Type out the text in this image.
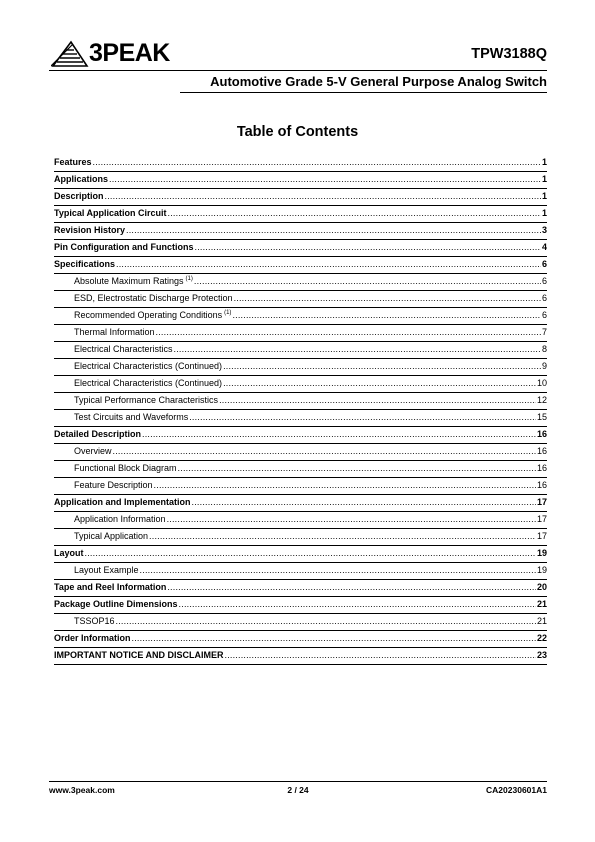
3PEAK	TPW3188Q
Automotive Grade 5-V General Purpose Analog Switch
Table of Contents
Features .....	1
Applications .....	1
Description .....	1
Typical Application Circuit .....	1
Revision History .....	3
Pin Configuration and Functions .....	4
Specifications .....	6
Absolute Maximum Ratings $^{(1)}$ .....	6
ESD, Electrostatic Discharge Protection .....	6
Recommended Operating Conditions $^{(1)}$ .....	6
Thermal Information .....	7
Electrical Characteristics .....	8
Electrical Characteristics (Continued) .....	9
Electrical Characteristics (Continued) .....	10
Typical Performance Characteristics .....	12
Test Circuits and Waveforms .....	15
Detailed Description .....	16
Overview .....	16
Functional Block Diagram .....	16
Feature Description .....	16
Application and Implementation .....	17
Application Information .....	17
Typical Application .....	17
Layout .....	19
Layout Example .....	19
Tape and Reel Information .....	20
Package Outline Dimensions .....	21
TSSOP16 .....	21
Order Information .....	22
IMPORTANT NOTICE AND DISCLAIMER .....	23
www.3peak.com	2 / 24	CA20230601A1
